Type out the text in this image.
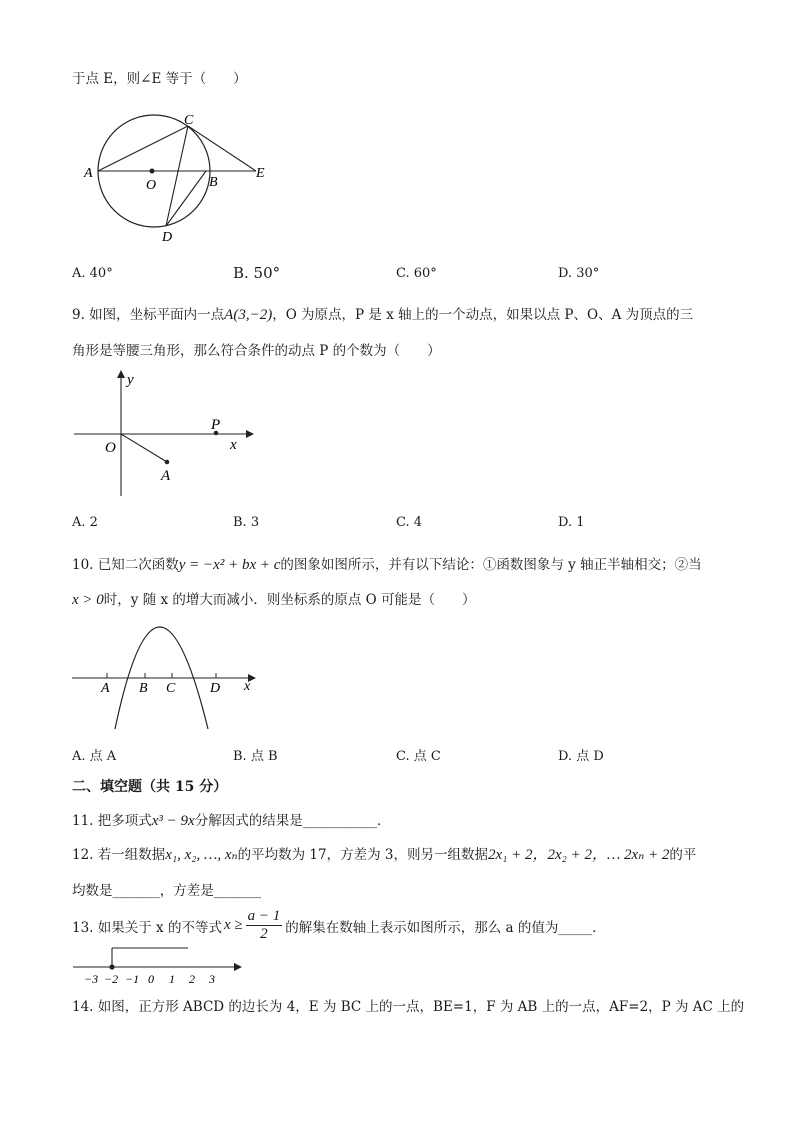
于点 E，则∠E 等于（　　）
A
O	B
C
D
E
A. 40°	B. 50°	C. 60°	D. 30°
9. 如图，坐标平面内一点A(3,−2)，O 为原点，P 是 x 轴上的一个动点，如果以点 P、O、A 为顶点的三
角形是等腰三角形，那么符合条件的动点 P 的个数为（　　）
y
x
O
P
A
A. 2	B. 3	C. 4	D. 1
10. 已知二次函数y = −x² + bx + c的图象如图所示，并有以下结论：①函数图象与 y 轴正半轴相交；②当
x > 0时，y 随 x 的增大而减小．则坐标系的原点 O 可能是（　　）
A B C D x
A. 点 A	B. 点 B	C. 点 C	D. 点 D
二、填空题（共 15 分）
11. 把多项式x³ − 9x分解因式的结果是___________．
12. 若一组数据x₁, x₂, …, xₙ的平均数为 17，方差为 3，则另一组数据2x₁ + 2，2x₂ + 2，… 2xₙ + 2的平
均数是_______，方差是_______
13. 如果关于 x 的不等式 $x \ge \frac{a - 1}{2}$ 的解集在数轴上表示如图所示，那么 a 的值为_____．
−3 −2 −1 0 1 2 3
14. 如图，正方形 ABCD 的边长为 4，E 为 BC 上的一点，BE=1，F 为 AB 上的一点，AF=2，P 为 AC 上的
